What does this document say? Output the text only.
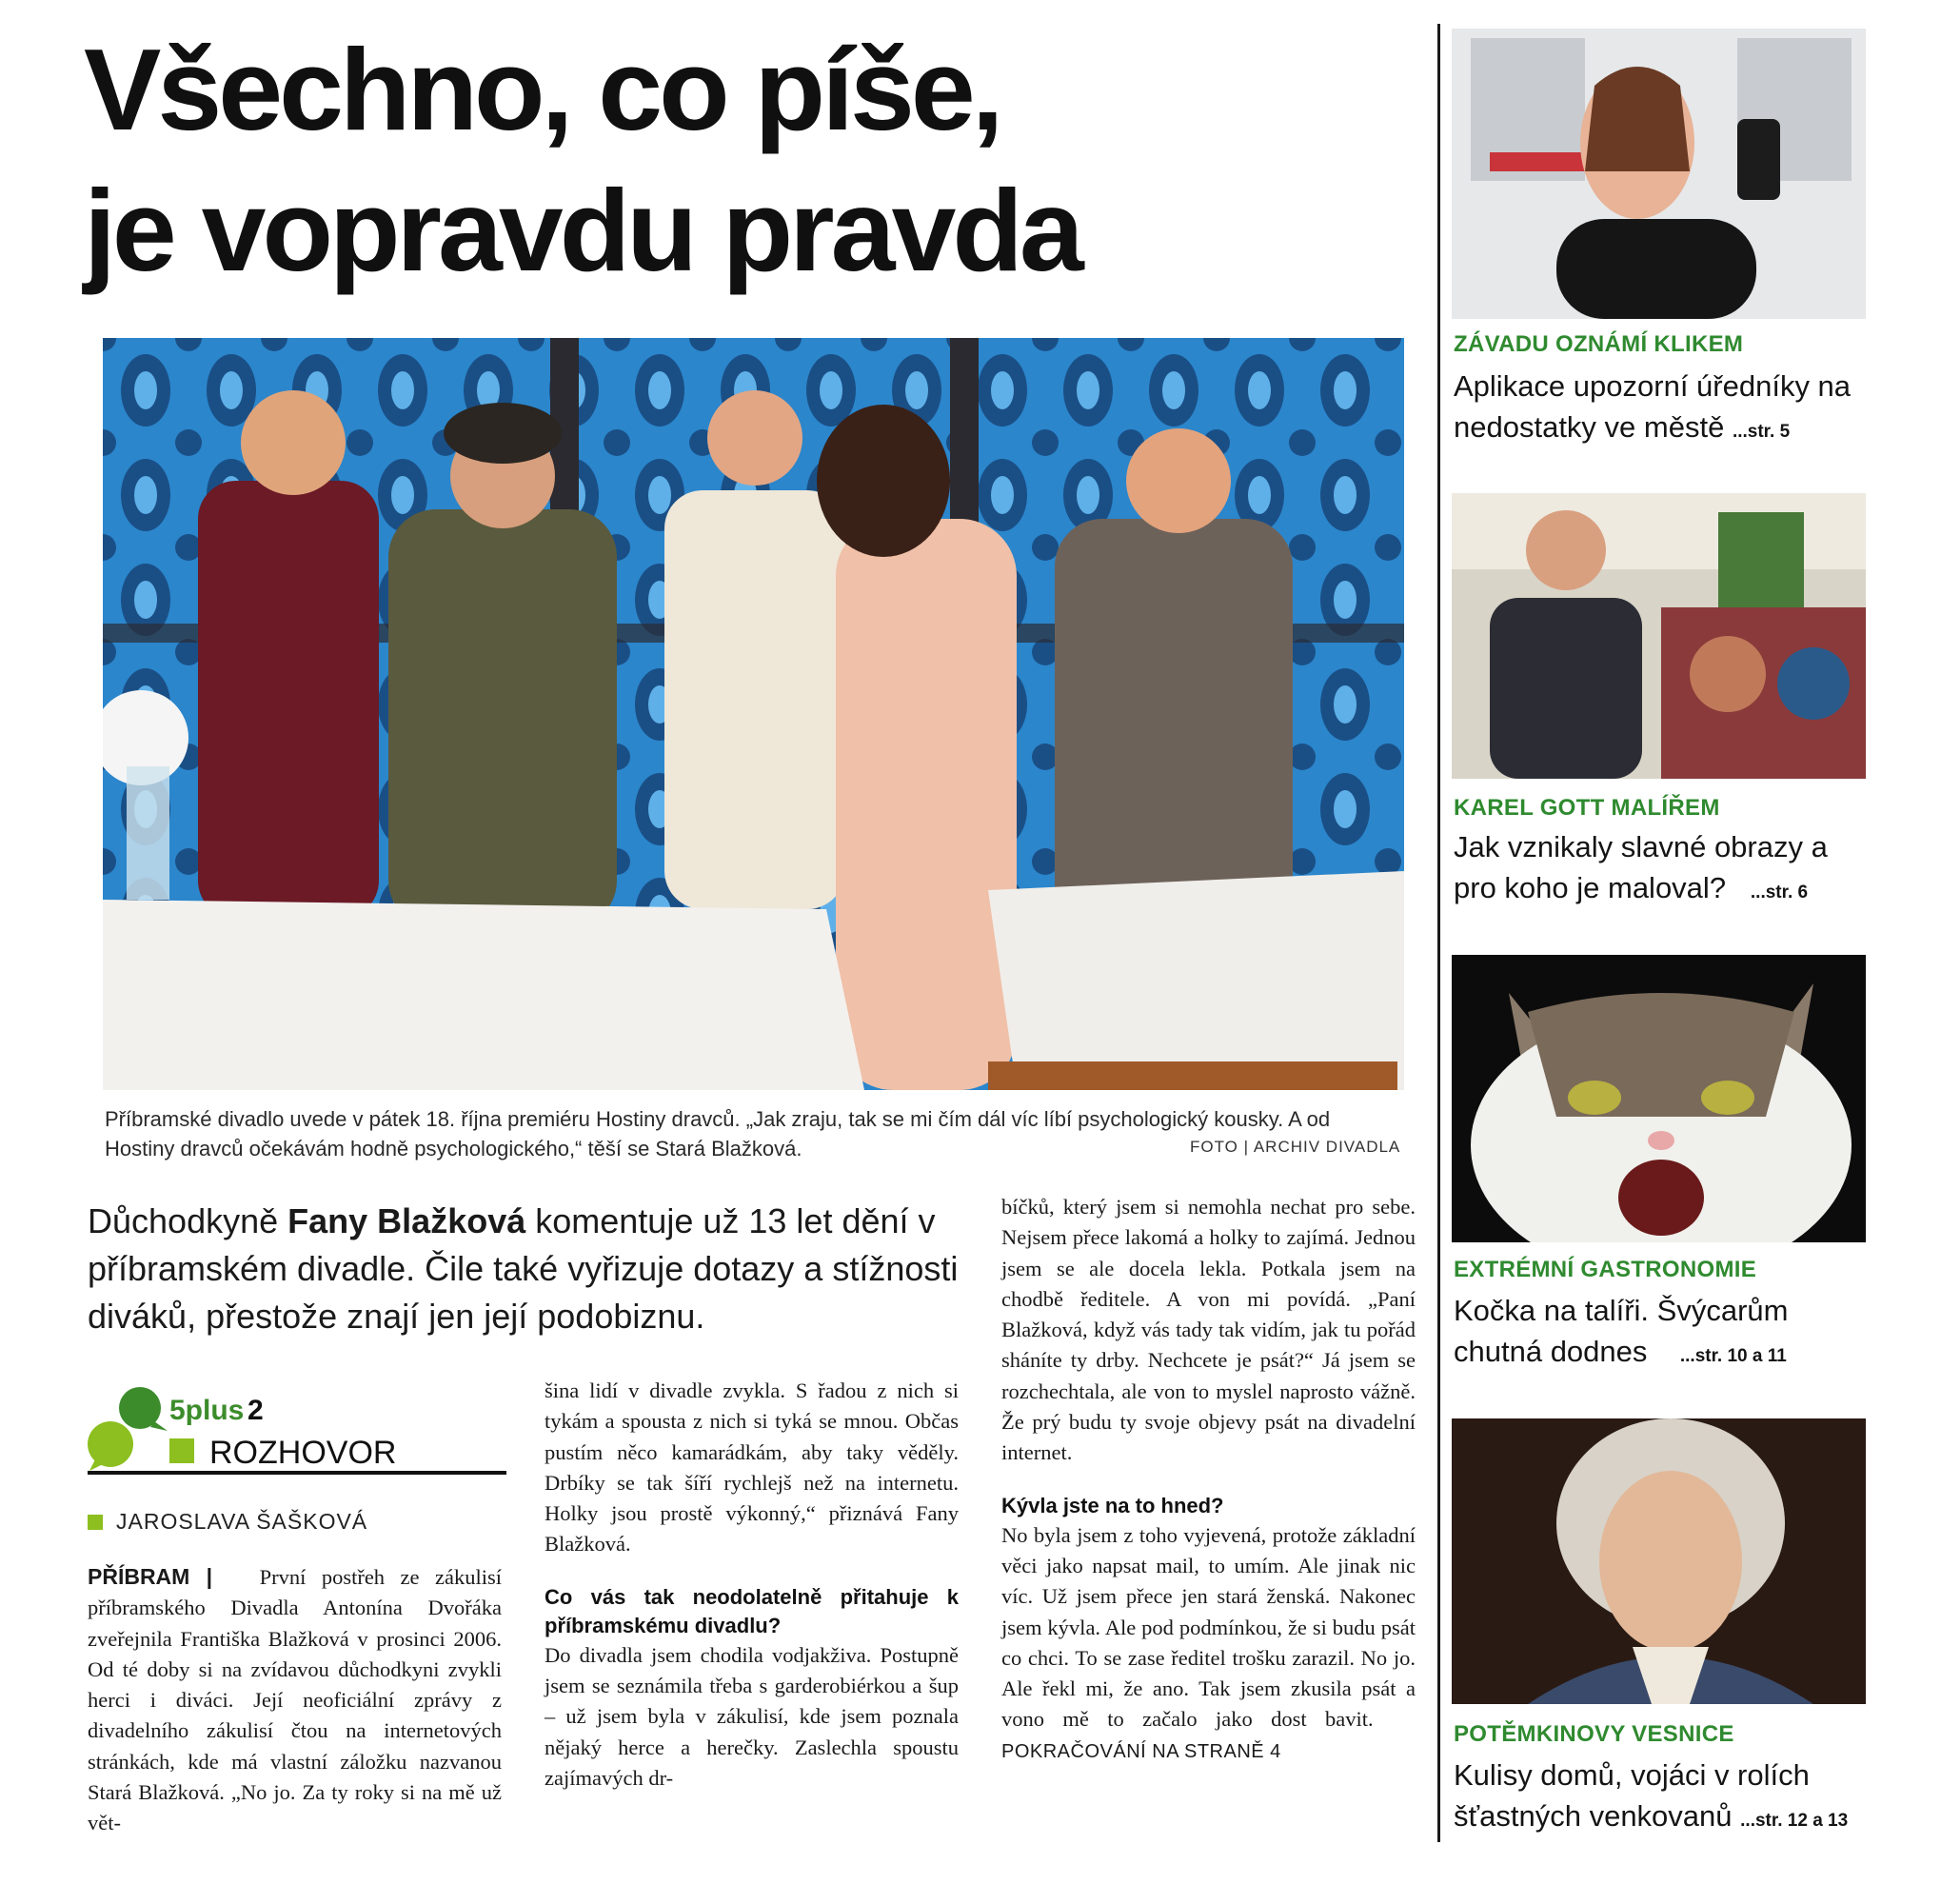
Všechno, co píše,
je vopravdu pravda

Příbramské divadlo uvede v pátek 18. října premiéru Hostiny dravců. „Jak zraju, tak se mi čím dál víc líbí psychologický kousky. A od Hostiny dravců očekávám hodně psychologického,“ těší se Stará Blažková.	FOTO | ARCHIV DIVADLA

Důchodkyně Fany Blažková komentuje už 13 let dění v příbramském divadle. Čile také vyřizuje dotazy a stížnosti diváků, přestože znají jen její podobiznu.

5plus 2
ROZHOVOR
JAROSLAVA ŠAŠKOVÁ

PŘÍBRAM | První postřeh ze zákulisí příbramského Divadla Antonína Dvořáka zveřejnila Františka Blažková v prosinci 2006. Od té doby si na zvídavou důchodkyni zvykli herci i diváci. Její neoficiální zprávy z divadelního zákulisí čtou na internetových stránkách, kde má vlastní záložku nazvanou Stará Blažková. „No jo. Za ty roky si na mě už vět-

šina lidí v divadle zvykla. S řadou z nich si tykám a spousta z nich si tyká se mnou. Občas pustím něco kamarádkám, aby taky věděly. Drbíky se tak šíří rychlejš než na internetu. Holky jsou prostě výkonný,“ přiznává Fany Blažková.

Co vás tak neodolatelně přitahuje k příbramskému divadlu?

Do divadla jsem chodila vodjakživa. Postupně jsem se seznámila třeba s garderobiérkou a šup – už jsem byla v zákulisí, kde jsem poznala nějaký herce a herečky. Zaslechla spoustu zajímavých dr-

bíčků, který jsem si nemohla nechat pro sebe. Nejsem přece lakomá a holky to zajímá. Jednou jsem se ale docela lekla. Potkala jsem na chodbě ředitele. A von mi povídá. „Paní Blažková, když vás tady tak vidím, jak tu pořád sháníte ty drby. Nechcete je psát?“ Já jsem se rozchechtala, ale von to myslel naprosto vážně. Že prý budu ty svoje objevy psát na divadelní internet.

Kývla jste na to hned?

No byla jsem z toho vyjevená, protože základní věci jako napsat mail, to umím. Ale jinak nic víc. Už jsem přece jen stará ženská. Nakonec jsem kývla. Ale pod podmínkou, že si budu psát co chci. To se zase ředitel trošku zarazil. No jo. Ale řekl mi, že ano. Tak jsem zkusila psát a vono mě to začalo jako dost bavit.    POKRAČOVÁNÍ NA STRANĚ 4

ZÁVADU OZNÁMÍ KLIKEM

Aplikace upozorní úředníky na nedostatky ve městě ...str. 5

KAREL GOTT MALÍŘEM

Jak vznikaly slavné obrazy a pro koho je maloval? ...str. 6

EXTRÉMNÍ GASTRONOMIE

Kočka na talíři. Švýcarům chutná dodnes ...str. 10 a 11

POTĚMKINOVY VESNICE

Kulisy domů, vojáci v rolích šťastných venkovanů ...str. 12 a 13
